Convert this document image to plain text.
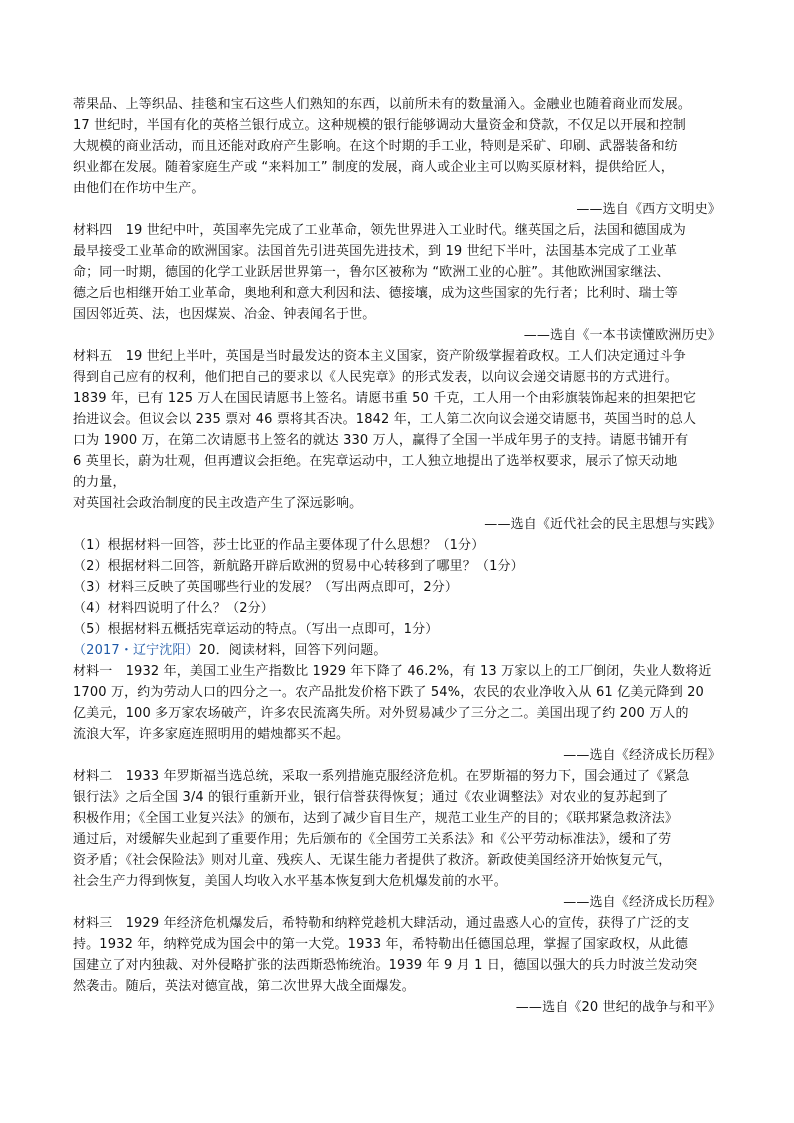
蒂果品、上等织品、挂毯和宝石这些人们熟知的东西，以前所未有的数量涌入。金融业也随着商业而发展。
17 世纪时，半国有化的英格兰银行成立。这种规模的银行能够调动大量资金和贷款，不仅足以开展和控制
大规模的商业活动，而且还能对政府产生影响。在这个时期的手工业，特则是采矿、印刷、武器装备和纺
织业都在发展。随着家庭生产或 “来料加工” 制度的发展，商人或企业主可以购买原材料，提供给匠人，
由他们在作坊中生产。
——选自《西方文明史》
材料四　19 世纪中叶，英国率先完成了工业革命，领先世界进入工业时代。继英国之后，法国和德国成为
最早接受工业革命的欧洲国家。法国首先引进英国先进技术，到 19 世纪下半叶，法国基本完成了工业革
命；同一时期，德国的化学工业跃居世界第一，鲁尔区被称为 “欧洲工业的心脏”。其他欧洲国家继法、
德之后也相继开始工业革命，奥地利和意大利因和法、德接壤，成为这些国家的先行者；比利时、瑞士等
国因邻近英、法，也因煤炭、冶金、钟表闻名于世。
——选自《一本书读懂欧洲历史》
材料五　19 世纪上半叶，英国是当时最发达的资本主义国家，资产阶级掌握着政权。工人们决定通过斗争
得到自己应有的权利，他们把自己的要求以《人民宪章》的形式发表，以向议会递交请愿书的方式进行。
1839 年，已有 125 万人在国民请愿书上签名。请愿书重 50 千克，工人用一个由彩旗装饰起来的担架把它
抬进议会。但议会以 235 票对 46 票将其否决。1842 年，工人第二次向议会递交请愿书，英国当时的总人
口为 1900 万，在第二次请愿书上签名的就达 330 万人，赢得了全国一半成年男子的支持。请愿书铺开有
6 英里长，蔚为壮观，但再遭议会拒绝。在宪章运动中，工人独立地提出了选举权要求，展示了惊天动地
的力量，
对英国社会政治制度的民主改造产生了深远影响。
——选自《近代社会的民主思想与实践》
（1）根据材料一回答，莎士比亚的作品主要体现了什么思想？（1分）
（2）根据材料二回答，新航路开辟后欧洲的贸易中心转移到了哪里？（1分）
（3）材料三反映了英国哪些行业的发展？（写出两点即可，2分）
（4）材料四说明了什么？（2分）
（5）根据材料五概括宪章运动的特点。（写出一点即可，1分）
（2017・辽宁沈阳）20．阅读材料，回答下列问题。
材料一　1932 年，美国工业生产指数比 1929 年下降了 46.2%，有 13 万家以上的工厂倒闭，失业人数将近
1700 万，约为劳动人口的四分之一。农产品批发价格下跌了 54%，农民的农业净收入从 61 亿美元降到 20
亿美元，100 多万家农场破产，许多农民流离失所。对外贸易减少了三分之二。美国出现了约 200 万人的
流浪大军，许多家庭连照明用的蜡烛都买不起。
——选自《经济成长历程》
材料二　1933 年罗斯福当选总统，采取一系列措施克服经济危机。在罗斯福的努力下，国会通过了《紧急
银行法》之后全国 3/4 的银行重新开业，银行信誉获得恢复；通过《农业调整法》对农业的复苏起到了
积极作用；《全国工业复兴法》的颁布，达到了减少盲目生产，规范工业生产的目的；《联邦紧急救济法》
通过后，对缓解失业起到了重要作用；先后颁布的《全国劳工关系法》和《公平劳动标准法》，缓和了劳
资矛盾；《社会保险法》则对儿童、残疾人、无谋生能力者提供了救济。新政使美国经济开始恢复元气，
社会生产力得到恢复，美国人均收入水平基本恢复到大危机爆发前的水平。
——选自《经济成长历程》
材料三　1929 年经济危机爆发后，希特勒和纳粹党趁机大肆活动，通过蛊惑人心的宣传，获得了广泛的支
持。1932 年，纳粹党成为国会中的第一大党。1933 年，希特勒出任德国总理，掌握了国家政权，从此德
国建立了对内独裁、对外侵略扩张的法西斯恐怖统治。1939 年 9 月 1 日，德国以强大的兵力时波兰发动突
然袭击。随后，英法对德宣战，第二次世界大战全面爆发。
——选自《20 世纪的战争与和平》
